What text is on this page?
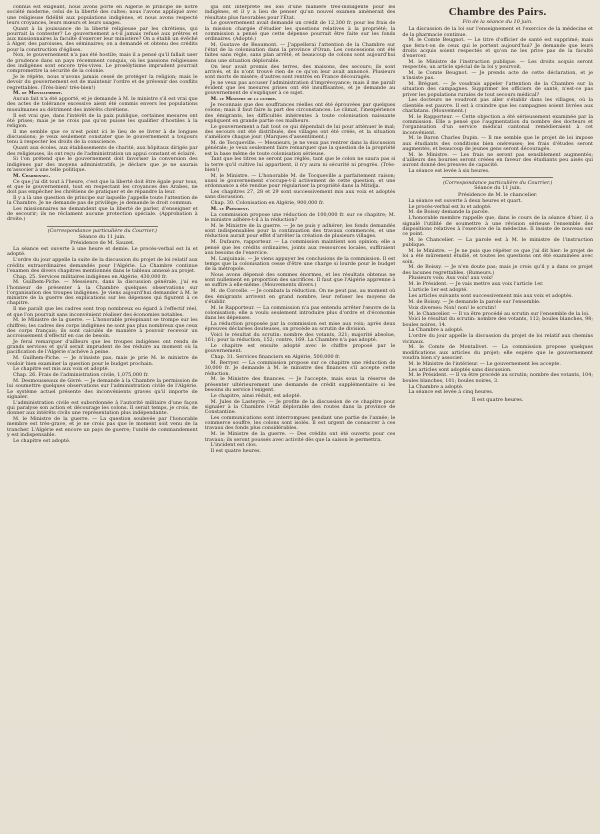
connus est exigeant, nous avons porté en Algérie le principe de notre société moderne, celui de la liberté des cultes; nous l'avons appliqué avec une religieuse fidélité aux populations indigènes, et nous avons respecté leurs croyances, leurs mœurs et leurs usages.

Quant à la jouissance de la liberté religieuse par les chrétiens, qui pourrait la contester? Le gouvernement a-t-il jamais refusé aux prêtres et aux missionnaires la faculté d'exercer leur ministère? On a établi un évêché à Alger, des paroisses, des séminaires; on a demandé et obtenu des crédits pour la construction d'églises.

Non, le gouvernement n'a pas été hostile; mais il a pensé qu'il fallait user de prudence dans un pays récemment conquis, où les passions religieuses des indigènes sont encore très-vives. Le prosélytisme imprudent pourrait compromettre la sécurité de la colonie.

Je le répète, nous n'avons jamais cessé de protéger la religion; mais le devoir du gouvernement est de maintenir l'ordre et de prévenir des conflits regrettables. (Très-bien! très-bien!)

M. de Montalembert.

Aucun fait n'a été apporté, et je demande à M. le ministre s'il est vrai que des actes de tolérance excessive aient été commis envers les populations musulmanes au détriment des intérêts chrétiens.

Il est vrai que, dans l'intérêt de la paix publique, certaines mesures ont été prises; mais je ne crois pas qu'on puisse les qualifier d'hostiles à la religion.

Il me semble que ce n'est point ici le lieu de se livrer à de longues discussions; je veux seulement constater que le gouvernement a toujours tenu à respecter les droits de la conscience.

Quant aux écoles, aux établissements de charité, aux hôpitaux dirigés par des religieuses, ils ont reçu de l'administration un appui constant et éclairé.

Si l'on prétend que le gouvernement doit favoriser la conversion des indigènes par des moyens administratifs, je déclare que je ne saurais m'associer à une telle politique.

M. Charbonnel.

Ce que j'ai dit tout à l'heure, c'est que la liberté doit être égale pour tous, et que le gouvernement, tout en respectant les croyances des Arabes, ne doit pas empêcher les chrétiens de pratiquer et de répandre la leur.

Il y a là une question de principe sur laquelle j'appelle toute l'attention de la Chambre. Je ne demande pas de privilège; je demande le droit commun.

Les missionnaires ne demandent que la liberté de parler, d'enseigner et de secourir; ils ne réclament aucune protection spéciale. (Approbation à droite.)

(Correspondance particulière du Courrier.)
Séance du 11 juin.
Présidence de M. Sauzet.

La séance est ouverte à une heure et demie. Le procès-verbal est lu et adopté.

L'ordre du jour appelle la suite de la discussion du projet de loi relatif aux crédits extraordinaires demandés pour l'Algérie. La Chambre continue l'examen des divers chapitres mentionnés dans le tableau annexé au projet.

Chap. 25. Services militaires indigènes en Algérie, 430,000 fr.

M. Guilhem-Piche. — Messieurs, dans la discussion générale, j'ai eu l'honneur de présenter à la Chambre quelques observations sur l'organisation des troupes indigènes. Je viens aujourd'hui demander à M. le ministre de la guerre des explications sur les dépenses qui figurent à ce chapitre.

Il me paraît que les cadres sont trop nombreux eu égard à l'effectif réel, et que l'on pourrait sans inconvénient réaliser des économies notables.

M. le Ministre de la guerre. — L'honorable préopinant se trompe sur les chiffres; les cadres des corps indigènes ne sont pas plus nombreux que ceux des corps français; ils sont calculés de manière à pouvoir recevoir un accroissement d'effectif en cas de besoin.

Je ferai remarquer d'ailleurs que les troupes indigènes ont rendu de grands services et qu'il serait imprudent de les réduire au moment où la pacification de l'Algérie s'achève à peine.

M. Guilhem-Piche. — Je n'insiste pas, mais je prie M. le ministre de vouloir bien examiner la question pour le budget prochain.

Le chapitre est mis aux voix et adopté.

Chap. 26. Frais de l'administration civile, 1,075,000 fr.

M. Desmousseaux de Givré. — Je demande à la Chambre la permission de lui soumettre quelques observations sur l'administration civile de l'Algérie. Le système actuel présente des inconvénients graves qu'il importe de signaler.

L'administration civile est subordonnée à l'autorité militaire d'une façon qui paralyse son action et décourage les colons. Il serait temps, je crois, de donner aux intérêts civils une représentation plus indépendante.

M. le Ministre de la guerre. — La question soulevée par l'honorable membre est très-grave, et je ne crois pas que le moment soit venu de la trancher. L'Algérie est encore un pays de guerre; l'unité de commandement y est indispensable.

Le chapitre est adopté.

qui ont interprété les lois d'une manière très-indulgente pour les indigènes, et il y a lieu de penser qu'un nouvel examen amènerait des résultats plus favorables pour l'État.

Le gouvernement avait demandé un crédit de 12,300 fr. pour les frais de la mission chargée d'étudier les questions relatives à la propriété; la commission a pensé que cette dépense pourrait être faite sur les fonds ordinaires. (Adopté.)

M. Gustave de Beaumont. — J'appellerai l'attention de la Chambre sur l'état de la colonisation dans la province d'Oran. Les concessions ont été faites sans règle, sans plan arrêté, et beaucoup de colons sont aujourd'hui dans une situation déplorable.

On leur avait promis des terres, des maisons, des secours; ils sont arrivés, et ils n'ont trouvé rien de ce qu'on leur avait annoncé. Plusieurs sont morts de misère; d'autres sont rentrés en France découragés.

Je ne veux pas accuser l'administration d'imprévoyance; mais il me paraît évident que les mesures prises ont été insuffisantes, et je demande au gouvernement de s'expliquer à ce sujet.

M. le Ministre de la guerre.

Je reconnais que des souffrances réelles ont été éprouvées par quelques colons; mais il faut faire la part des circonstances. Le climat, l'inexpérience des émigrants, les difficultés inhérentes à toute colonisation naissante expliquent en grande partie ces malheurs.

Le gouvernement a fait tout ce qui dépendait de lui pour atténuer le mal; des secours ont été distribués, des villages ont été créés, et la situation s'améliore chaque jour. (Marques d'assentiment.)

M. de Tocqueville. — Messieurs, je ne veux pas rentrer dans la discussion générale; je veux seulement faire remarquer que la question de la propriété est la base même de toute colonisation sérieuse.

Tant que les titres ne seront pas réglés, tant que le colon ne saura pas si la terre qu'il cultive lui appartient, il n'y aura ni sécurité ni progrès. (Très-bien!)

M. le Ministre. — L'honorable M. de Tocqueville a parfaitement raison; aussi le gouvernement s'occupe-t-il activement de cette question, et une ordonnance a été rendue pour régulariser la propriété dans la Mitidja.

Les chapitres 27, 28 et 29 sont successivement mis aux voix et adoptés sans discussion.

Chap. 30. Colonisation en Algérie, 900,000 fr.

M. le Président.

La commission propose une réduction de 100,000 fr. sur ce chapitre; M. le ministre adhère-t-il à la réduction?

M. le Ministre de la guerre. — Je ne puis y adhérer; les fonds demandés sont indispensables pour la continuation des travaux commencés, et une réduction aurait pour effet d'arrêter la création de plusieurs villages.

M. Dufaure, rapporteur. — La commission maintient son opinion; elle a pensé que les crédits ordinaires, joints aux ressources locales, suffiraient aux besoins de l'exercice.

M. Lanjuinais. — Je viens appuyer les conclusions de la commission. Il est temps que la colonisation cesse d'être une charge si lourde pour le budget de la métropole.

Nous avons dépensé des sommes énormes, et les résultats obtenus ne sont nullement en proportion des sacrifices. Il faut que l'Algérie apprenne à se suffire à elle-même. (Mouvements divers.)

M. de Corcelle. — Je combats la réduction. On ne peut pas, au moment où des émigrants arrivent en grand nombre, leur refuser les moyens de s'établir.

M. le Rapporteur. — La commission n'a pas entendu arrêter l'œuvre de la colonisation; elle a voulu seulement introduire plus d'ordre et d'économie dans les dépenses.

La réduction proposée par la commission est mise aux voix; après deux épreuves déclarées douteuses, on procède au scrutin de division.

Voici le résultat du scrutin: nombre des votants, 321; majorité absolue, 161; pour la réduction, 152; contre, 169. La Chambre n'a pas adopté.

Le chapitre est ensuite adopté avec le chiffre proposé par le gouvernement.

Chap. 31. Services financiers en Algérie, 500,000 fr.

M. Berryer. — La commission propose sur ce chapitre une réduction de 30,000 fr. Je demande à M. le ministre des finances s'il accepte cette réduction.

M. le Ministre des finances. — Je l'accepte, mais sous la réserve de présenter ultérieurement une demande de crédit supplémentaire si les besoins du service l'exigent.

Le chapitre, ainsi réduit, est adopté.

M. Jules de Lasteyrie. — Je profite de la discussion de ce chapitre pour signaler à la Chambre l'état déplorable des routes dans la province de Constantine.

Les communications sont interrompues pendant une partie de l'année; le commerce souffre, les colons sont isolés. Il est urgent de consacrer à ces travaux des fonds plus considérables.

M. le Ministre de la guerre. — Des crédits ont été ouverts pour ces travaux; ils seront poussés avec activité dès que la saison le permettra.

L'incident est clos.

Il est quatre heures.

Chambre des Pairs.
Fin de la séance du 10 juin.

La discussion de la loi sur l'enseignement et l'exercice de la médecine et de la pharmacie continue.

M. le Comte Beugnot. — Le titre d'officier de santé est supprimé; mais que fera-t-on de ceux qui le portent aujourd'hui? Je demande que leurs droits acquis soient respectés et qu'on ne les prive pas de la faculté d'exercer.

M. le Ministre de l'instruction publique. — Les droits acquis seront respectés; un article spécial de la loi y pourvoit.

M. le Comte Beugnot. — Je prends acte de cette déclaration, et je n'insiste pas.

M. Bréguet. — Je voudrais appeler l'attention de la Chambre sur la situation des campagnes. Supprimer les officiers de santé, n'est-ce pas priver les populations rurales de tout secours médical?

Les docteurs ne voudront pas aller s'établir dans les villages, où la clientèle est pauvre. Il est à craindre que les campagnes soient livrées aux charlatans. (Mouvement.)

M. le Rapporteur. — Cette objection a été sérieusement examinée par la commission. Elle a pensé que l'augmentation du nombre des docteurs et l'organisation d'un service médical cantonal remédieraient à cet inconvénient.

M. le Baron Charles Dupin. — Il me semble que le projet de loi impose aux étudiants des conditions bien onéreuses; les frais d'études seront augmentés, et beaucoup de jeunes gens seront découragés.

M. le Ministre. — Les frais ne seront pas sensiblement augmentés; d'ailleurs des bourses seront créées en faveur des étudiants peu aisés qui auront donné des preuves de capacité.

La séance est levée à six heures.

(Correspondance particulière du Courrier.)
Séance du 11 juin.
Présidence de M. le chancelier.

La séance est ouverte à deux heures et quart.

Le procès-verbal est lu et adopté.

M. de Boissy demande la parole.

L'honorable membre rappelle que, dans le cours de la séance d'hier, il a signalé l'utilité de soumettre à une révision sérieuse l'ensemble des dispositions relatives à l'exercice de la médecine. Il insiste de nouveau sur ce point.

M. le Chancelier. — La parole est à M. le ministre de l'instruction publique.

M. le Ministre. — Je ne puis que répéter ce que j'ai dit hier: le projet de loi a été mûrement étudié, et toutes les questions ont été examinées avec soin.

M. de Boissy. — Je n'en doute pas; mais je crois qu'il y a dans ce projet des lacunes regrettables. (Rumeurs.)

Plusieurs voix: Aux voix! aux voix!

M. le Président. — Je vais mettre aux voix l'article 1er.

L'article 1er est adopté.

Les articles suivants sont successivement mis aux voix et adoptés.

M. de Boissy. — Je demande la parole sur l'ensemble.

Voix diverses: Non! non! le scrutin!

M. le Chancelier. — Il va être procédé au scrutin sur l'ensemble de la loi.

Voici le résultat du scrutin: nombre des votants, 112; boules blanches, 98; boules noires, 14.

La Chambre a adopté.

L'ordre du jour appelle la discussion du projet de loi relatif aux chemins vicinaux.

M. le Comte de Montalivet. — La commission propose quelques modifications aux articles du projet; elle espère que le gouvernement voudra bien s'y associer.

M. le Ministre de l'intérieur. — Le gouvernement les accepte.

Les articles sont adoptés sans discussion.

M. le Président. — Il va être procédé au scrutin; nombre des votants, 104; boules blanches, 101; boules noires, 3.

La Chambre a adopté.

La séance est levée à cinq heures.

Il est quatre heures.
